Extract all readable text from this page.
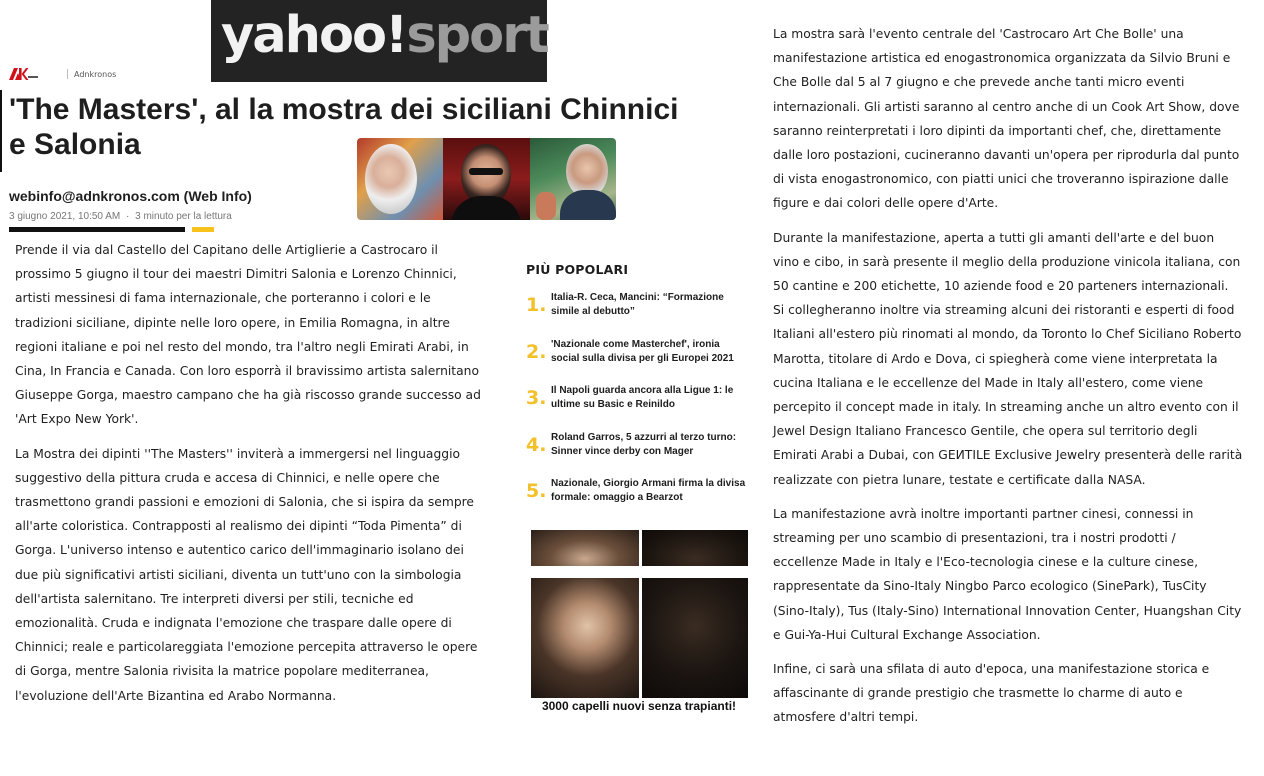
yahoo!sport
Adnkronos
'The Masters', al la mostra dei siciliani Chinnici e Salonia
webinfo@adnkronos.com (Web Info)
3 giugno 2021, 10:50 AM · 3 minuto per la lettura

Prende il via dal Castello del Capitano delle Artiglierie a Castrocaro il prossimo 5 giugno il tour dei maestri Dimitri Salonia e Lorenzo Chinnici, artisti messinesi di fama internazionale, che porteranno i colori e le tradizioni siciliane, dipinte nelle loro opere, in Emilia Romagna, in altre regioni italiane e poi nel resto del mondo, tra l'altro negli Emirati Arabi, in Cina, In Francia e Canada. Con loro esporrà il bravissimo artista salernitano Giuseppe Gorga, maestro campano che ha già riscosso grande successo ad 'Art Expo New York'.

La Mostra dei dipinti ''The Masters'' inviterà a immergersi nel linguaggio suggestivo della pittura cruda e accesa di Chinnici, e nelle opere che trasmettono grandi passioni e emozioni di Salonia, che si ispira da sempre all'arte coloristica. Contrapposti al realismo dei dipinti “Toda Pimenta” di Gorga. L'universo intenso e autentico carico dell'immaginario isolano dei due più significativi artisti siciliani, diventa un tutt'uno con la simbologia dell'artista salernitano. Tre interpreti diversi per stili, tecniche ed emozionalità. Cruda e indignata l'emozione che traspare dalle opere di Chinnici; reale e particolareggiata l'emozione percepita attraverso le opere di Gorga, mentre Salonia rivisita la matrice popolare mediterranea, l'evoluzione dell'Arte Bizantina ed Arabo Normanna.

PIÙ POPOLARI
1. Italia-R. Ceca, Mancini: “Formazione simile al debutto”
2. 'Nazionale come Masterchef', ironia social sulla divisa per gli Europei 2021
3. Il Napoli guarda ancora alla Ligue 1: le ultime su Basic e Reinildo
4. Roland Garros, 5 azzurri al terzo turno: Sinner vince derby con Mager
5. Nazionale, Giorgio Armani firma la divisa formale: omaggio a Bearzot
3000 capelli nuovi senza trapianti!

La mostra sarà l'evento centrale del 'Castrocaro Art Che Bolle' una manifestazione artistica ed enogastronomica organizzata da Silvio Bruni e Che Bolle dal 5 al 7 giugno e che prevede anche tanti micro eventi internazionali. Gli artisti saranno al centro anche di un Cook Art Show, dove saranno reinterpretati i loro dipinti da importanti chef, che, direttamente dalle loro postazioni, cucineranno davanti un'opera per riprodurla dal punto di vista enogastronomico, con piatti unici che troveranno ispirazione dalle figure e dai colori delle opere d'Arte.

Durante la manifestazione, aperta a tutti gli amanti dell'arte e del buon vino e cibo, in sarà presente il meglio della produzione vinicola italiana, con 50 cantine e 200 etichette, 10 aziende food e 20 parteners internazionali. Si collegheranno inoltre via streaming alcuni dei ristoranti e esperti di food Italiani all'estero più rinomati al mondo, da Toronto lo Chef Siciliano Roberto Marotta, titolare di Ardo e Dova, ci spiegherà come viene interpretata la cucina Italiana e le eccellenze del Made in Italy all'estero, come viene percepito il concept made in italy. In streaming anche un altro evento con il Jewel Design Italiano Francesco Gentile, che opera sul territorio degli Emirati Arabi a Dubai, con GEИTILE Exclusive Jewelry presenterà delle rarità realizzate con pietra lunare, testate e certificate dalla NASA.

La manifestazione avrà inoltre importanti partner cinesi, connessi in streaming per uno scambio di presentazioni, tra i nostri prodotti / eccellenze Made in Italy e l'Eco-tecnologia cinese e la culture cinese, rappresentate da Sino-Italy Ningbo Parco ecologico (SinePark), TusCity (Sino-Italy), Tus (Italy-Sino) International Innovation Center, Huangshan City e Gui-Ya-Hui Cultural Exchange Association.

Infine, ci sarà una sfilata di auto d'epoca, una manifestazione storica e affascinante di grande prestigio che trasmette lo charme di auto e atmosfere d'altri tempi.
